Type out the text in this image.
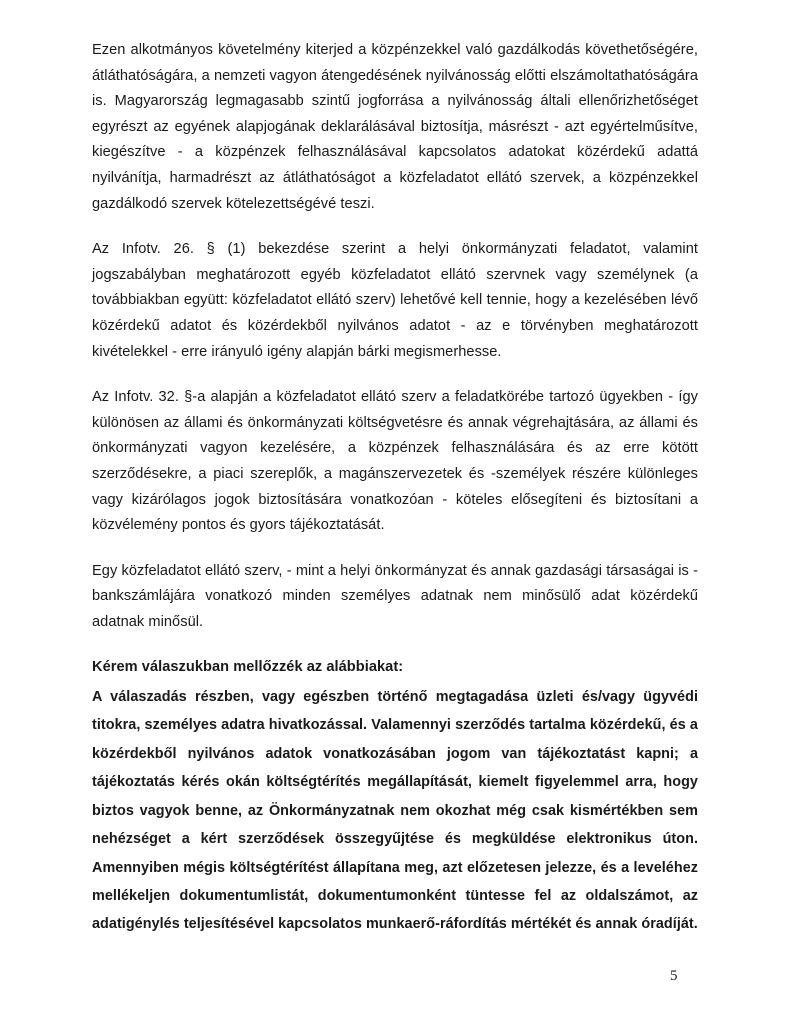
Ezen alkotmányos követelmény kiterjed a közpénzekkel való gazdálkodás követhetőségére, átláthatóságára, a nemzeti vagyon átengedésének nyilvánosság előtti elszámoltathatóságára is. Magyarország legmagasabb szintű jogforrása a nyilvánosság általi ellenőrizhetőséget egyrészt az egyének alapjogának deklarálásával biztosítja, másrészt - azt egyértelműsítve, kiegészítve - a közpénzek felhasználásával kapcsolatos adatokat közérdekű adattá nyilvánítja, harmadrészt az átláthatóságot a közfeladatot ellátó szervek, a közpénzekkel gazdálkodó szervek kötelezettségévé teszi.

Az Infotv. 26. § (1) bekezdése szerint a helyi önkormányzati feladatot, valamint jogszabályban meghatározott egyéb közfeladatot ellátó szervnek vagy személynek (a továbbiakban együtt: közfeladatot ellátó szerv) lehetővé kell tennie, hogy a kezelésében lévő közérdekű adatot és közérdekből nyilvános adatot - az e törvényben meghatározott kivételekkel - erre irányuló igény alapján bárki megismerhesse.

Az Infotv. 32. §-a alapján a közfeladatot ellátó szerv a feladatkörébe tartozó ügyekben - így különösen az állami és önkormányzati költségvetésre és annak végrehajtására, az állami és önkormányzati vagyon kezelésére, a közpénzek felhasználására és az erre kötött szerződésekre, a piaci szereplők, a magánszervezetek és -személyek részére különleges vagy kizárólagos jogok biztosítására vonatkozóan - köteles elősegíteni és biztosítani a közvélemény pontos és gyors tájékoztatását.

Egy közfeladatot ellátó szerv, - mint a helyi önkormányzat és annak gazdasági társaságai is - bankszámlájára vonatkozó minden személyes adatnak nem minősülő adat közérdekű adatnak minősül.

Kérem válaszukban mellőzzék az alábbiakat:

A válaszadás részben, vagy egészben történő megtagadása üzleti és/vagy ügyvédi titokra, személyes adatra hivatkozással. Valamennyi szerződés tartalma közérdekű, és a közérdekből nyilvános adatok vonatkozásában jogom van tájékoztatást kapni; a tájékoztatás kérés okán költségtérítés megállapítását, kiemelt figyelemmel arra, hogy biztos vagyok benne, az Önkormányzatnak nem okozhat még csak kismértékben sem nehézséget a kért szerződések összegyűjtése és megküldése elektronikus úton. Amennyiben mégis költségtérítést állapítana meg, azt előzetesen jelezze, és a leveléhez mellékeljen dokumentumlistát, dokumentumonként tüntesse fel az oldalszámot, az adatigénylés teljesítésével kapcsolatos munkaerő-ráfordítás mértékét és annak óradíját.

5
